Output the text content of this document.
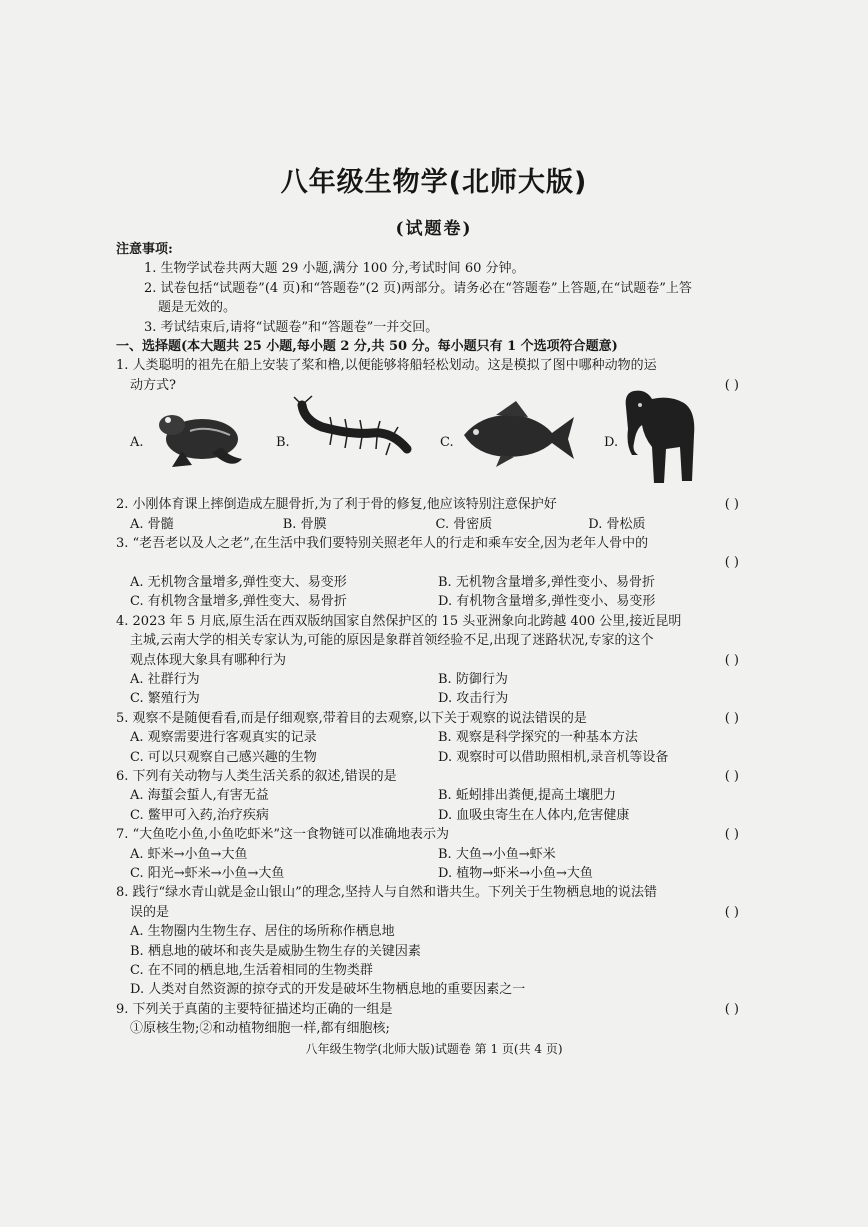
八年级生物学(北师大版)
(试题卷)
注意事项:
1. 生物学试卷共两大题 29 小题,满分 100 分,考试时间 60 分钟。
2. 试卷包括“试题卷”(4 页)和“答题卷”(2 页)两部分。请务必在“答题卷”上答题,在“试题卷”上答
题是无效的。
3. 考试结束后,请将“试题卷”和“答题卷”一并交回。
一、选择题(本大题共 25 小题,每小题 2 分,共 50 分。每小题只有 1 个选项符合题意)
1. 人类聪明的祖先在船上安装了桨和橹,以便能够将船轻松划动。这是模拟了图中哪种动物的运
动方式?	( )
A.	B.	C.	D.
2. 小刚体育课上摔倒造成左腿骨折,为了利于骨的修复,他应该特别注意保护好	( )
A. 骨髓	B. 骨膜	C. 骨密质	D. 骨松质
3. “老吾老以及人之老”,在生活中我们要特别关照老年人的行走和乘车安全,因为老年人骨中的

( )
A. 无机物含量增多,弹性变大、易变形	B. 无机物含量增多,弹性变小、易骨折
C. 有机物含量增多,弹性变大、易骨折	D. 有机物含量增多,弹性变小、易变形
4. 2023 年 5 月底,原生活在西双版纳国家自然保护区的 15 头亚洲象向北跨越 400 公里,接近昆明
主城,云南大学的相关专家认为,可能的原因是象群首领经验不足,出现了迷路状况,专家的这个
观点体现大象具有哪种行为	( )
A. 社群行为	B. 防御行为
C. 繁殖行为	D. 攻击行为
5. 观察不是随便看看,而是仔细观察,带着目的去观察,以下关于观察的说法错误的是	( )
A. 观察需要进行客观真实的记录	B. 观察是科学探究的一种基本方法
C. 可以只观察自己感兴趣的生物	D. 观察时可以借助照相机,录音机等设备
6. 下列有关动物与人类生活关系的叙述,错误的是	( )
A. 海蜇会蜇人,有害无益	B. 蚯蚓排出粪便,提高土壤肥力
C. 鳖甲可入药,治疗疾病	D. 血吸虫寄生在人体内,危害健康
7. “大鱼吃小鱼,小鱼吃虾米”这一食物链可以准确地表示为	( )
A. 虾米→小鱼→大鱼	B. 大鱼→小鱼→虾米
C. 阳光→虾米→小鱼→大鱼	D. 植物→虾米→小鱼→大鱼
8. 践行“绿水青山就是金山银山”的理念,坚持人与自然和谐共生。下列关于生物栖息地的说法错
误的是	( )
A. 生物圈内生物生存、居住的场所称作栖息地
B. 栖息地的破坏和丧失是威胁生物生存的关键因素
C. 在不同的栖息地,生活着相同的生物类群
D. 人类对自然资源的掠夺式的开发是破坏生物栖息地的重要因素之一
9. 下列关于真菌的主要特征描述均正确的一组是	( )
①原核生物;②和动植物细胞一样,都有细胞核;
八年级生物学(北师大版)试题卷 第 1 页(共 4 页)
